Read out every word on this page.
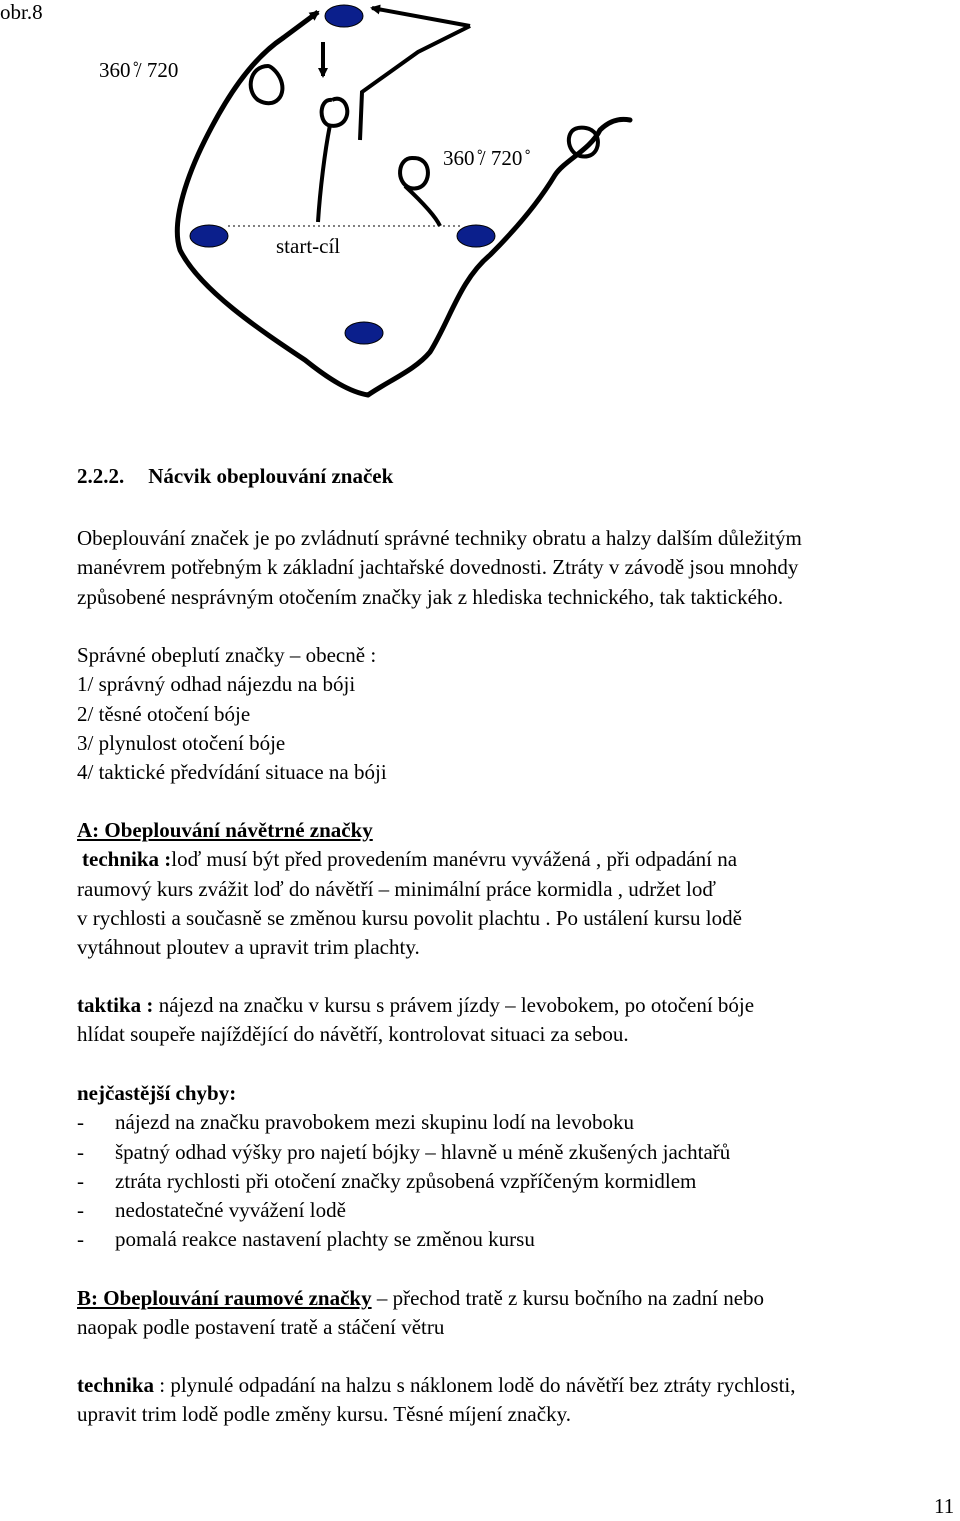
obr.8
360 ̊/ 720
360 ̊/ 720 ̊
start-cíl
2.2.2. Nácvik obeplouvání značek
Obeplouvání značek je po zvládnutí správné techniky obratu a halzy dalším důležitým
manévrem potřebným k základní jachtařské dovednosti. Ztráty v závodě jsou mnohdy
způsobené nesprávným otočením značky jak z hlediska technického, tak taktického.
Správné obeplutí značky – obecně :
1/ správný odhad nájezdu na bóji
2/ těsné otočení bóje
3/ plynulost otočení bóje
4/ taktické předvídání situace na bóji
A: Obeplouvání návětrné značky
technika :loď musí být před provedením manévru vyvážená , při odpadání na
raumový kurs zvážit loď do návětří – minimální práce kormidla , udržet loď
v rychlosti a současně se změnou kursu povolit plachtu . Po ustálení kursu lodě
vytáhnout ploutev a upravit trim plachty.
taktika : nájezd na značku v kursu s právem jízdy – levobokem, po otočení bóje
hlídat soupeře najíždějící do návětří, kontrolovat situaci za sebou.
nejčastější chyby:
- nájezd na značku pravobokem mezi skupinu lodí na levoboku
- špatný odhad výšky pro najetí bójky – hlavně u méně zkušených jachtařů
- ztráta rychlosti při otočení značky způsobená vzpříčeným kormidlem
- nedostatečné vyvážení lodě
- pomalá reakce nastavení plachty se změnou kursu
B: Obeplouvání raumové značky – přechod tratě z kursu bočního na zadní nebo
naopak podle postavení tratě a stáčení větru
technika : plynulé odpadání na halzu s náklonem lodě do návětří bez ztráty rychlosti,
upravit trim lodě podle změny kursu. Těsné míjení značky.
11
